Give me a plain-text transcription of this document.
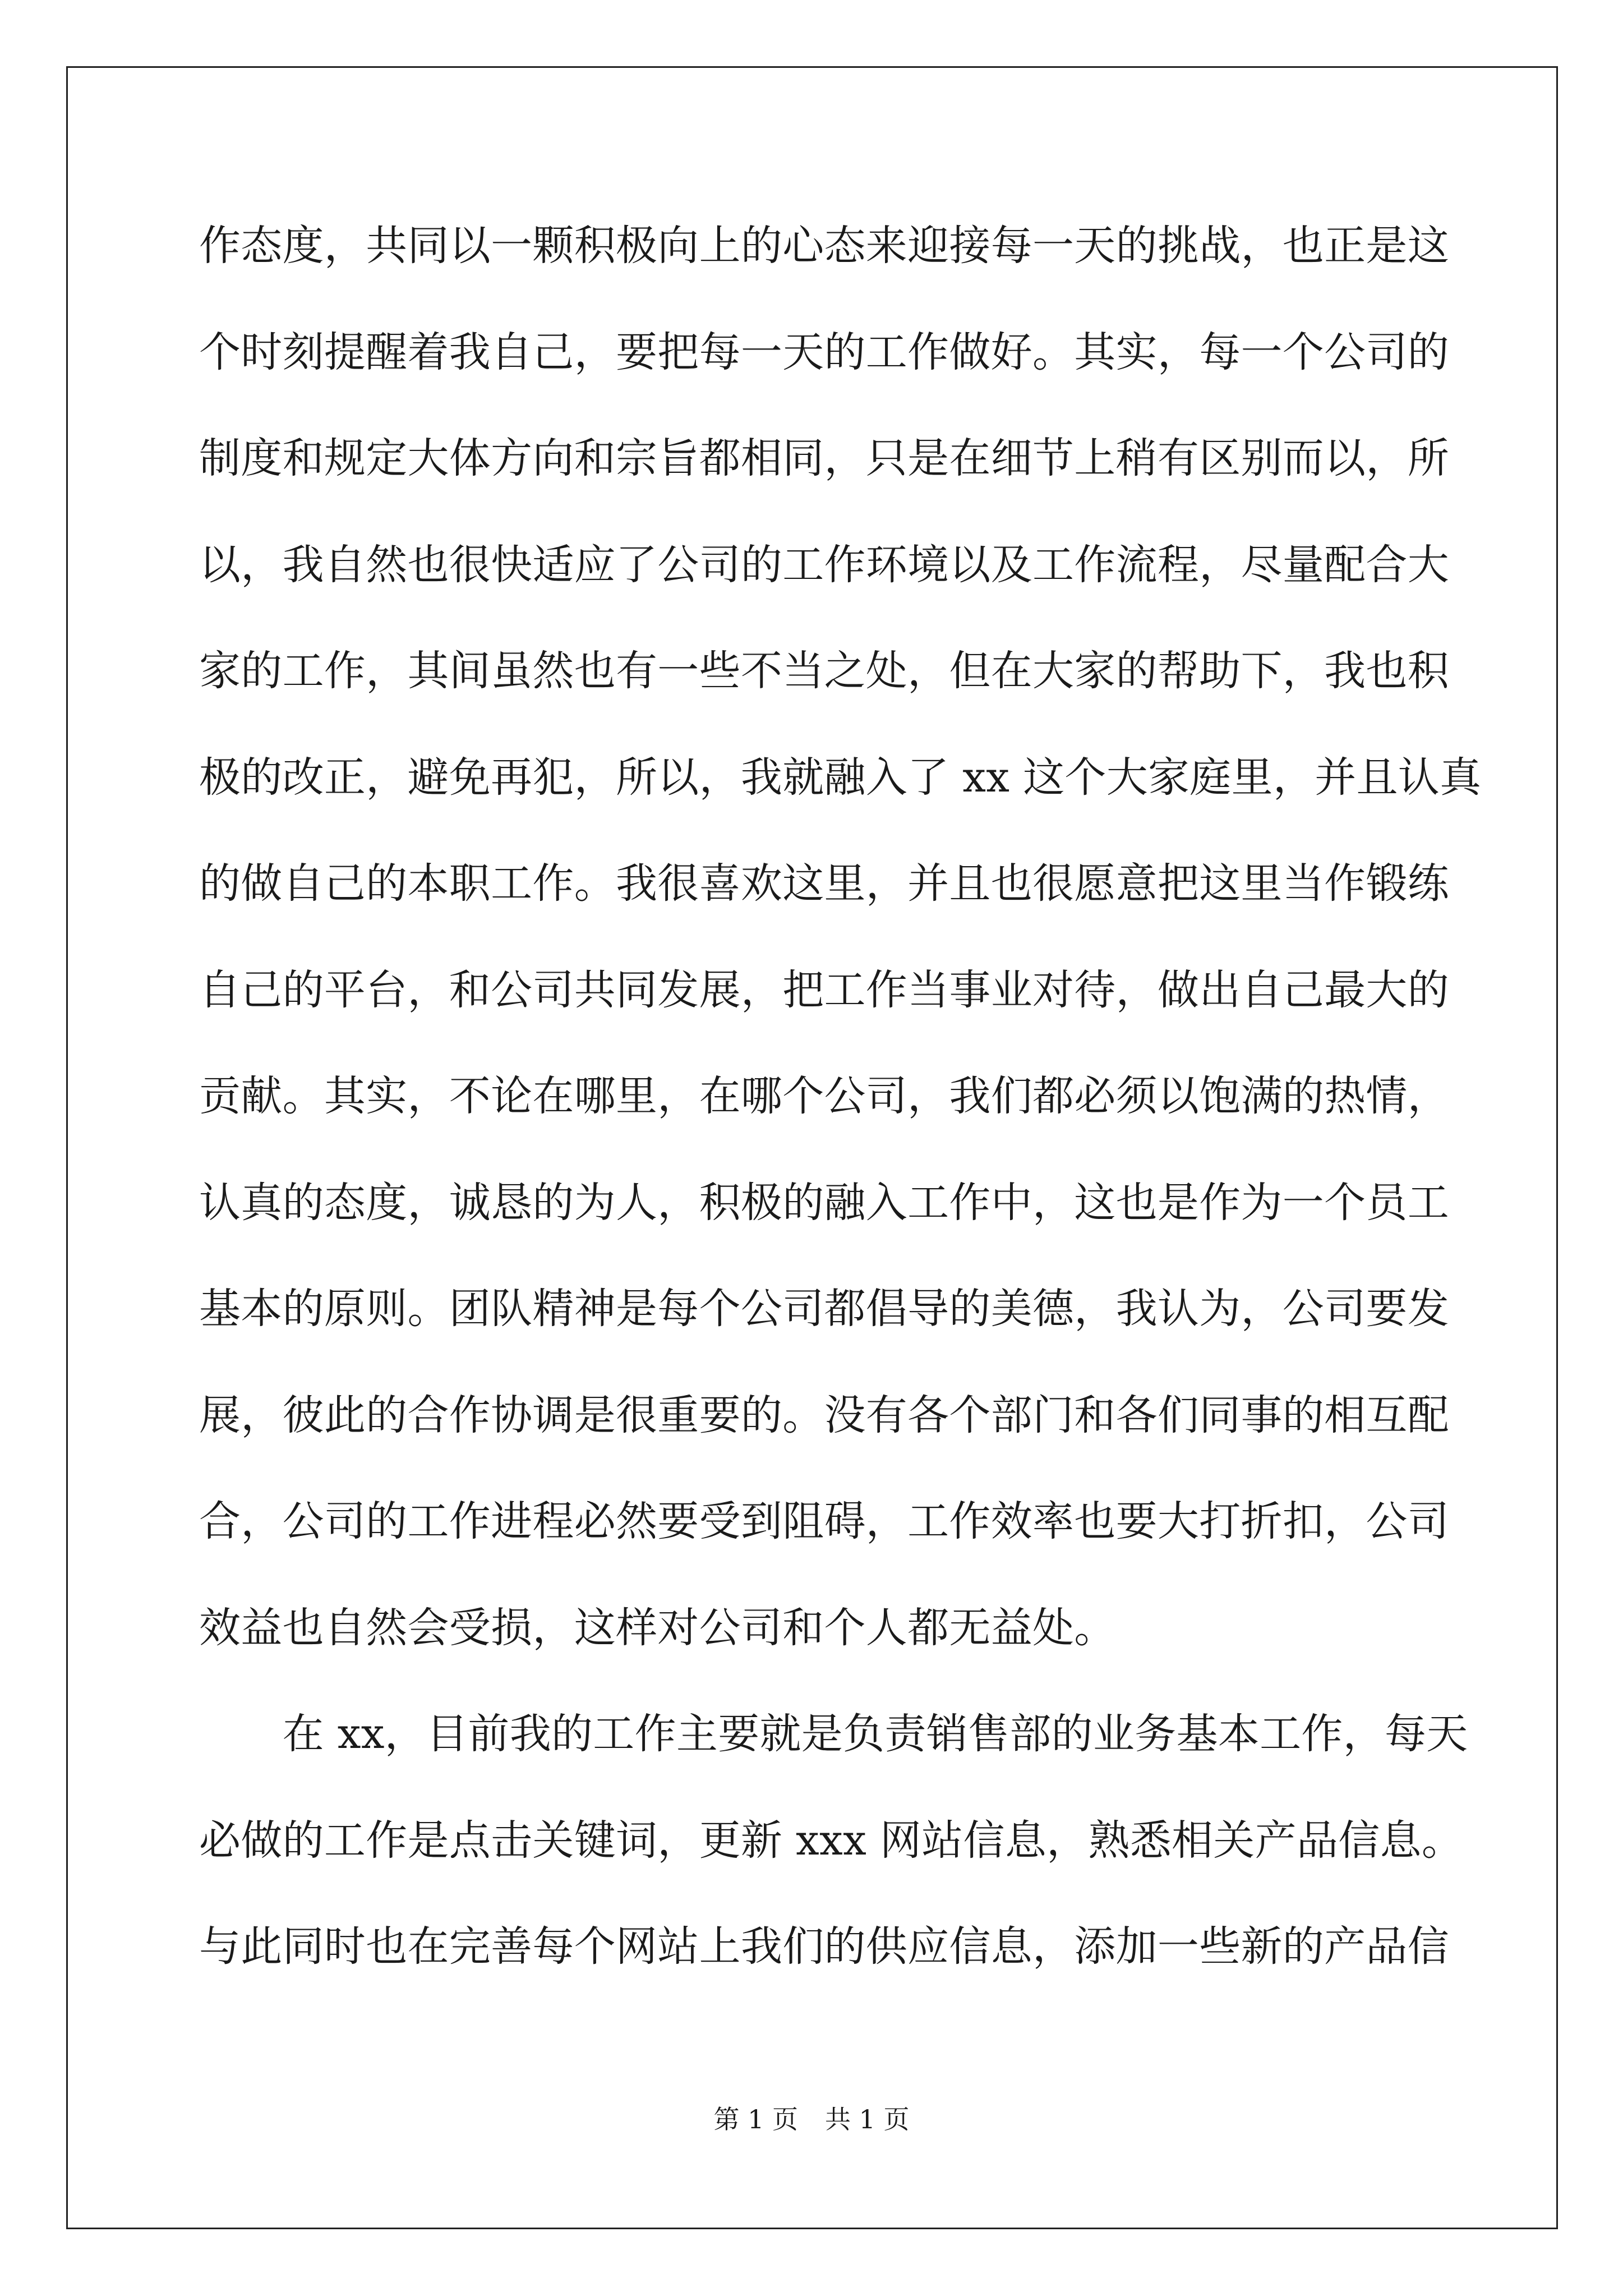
作态度，共同以一颗积极向上的心态来迎接每一天的挑战，也正是这
个时刻提醒着我自己，要把每一天的工作做好。其实，每一个公司的
制度和规定大体方向和宗旨都相同，只是在细节上稍有区别而以，所
以，我自然也很快适应了公司的工作环境以及工作流程，尽量配合大
家的工作，其间虽然也有一些不当之处，但在大家的帮助下，我也积
极的改正，避免再犯，所以，我就融入了 xx 这个大家庭里，并且认真
的做自己的本职工作。我很喜欢这里，并且也很愿意把这里当作锻练
自己的平台，和公司共同发展，把工作当事业对待，做出自己最大的
贡献。其实，不论在哪里，在哪个公司，我们都必须以饱满的热情，
认真的态度，诚恳的为人，积极的融入工作中，这也是作为一个员工
基本的原则。团队精神是每个公司都倡导的美德，我认为，公司要发
展，彼此的合作协调是很重要的。没有各个部门和各们同事的相互配
合，公司的工作进程必然要受到阻碍，工作效率也要大打折扣，公司
效益也自然会受损，这样对公司和个人都无益处。
　　在 xx，目前我的工作主要就是负责销售部的业务基本工作，每天
必做的工作是点击关键词，更新 xxx 网站信息，熟悉相关产品信息。
与此同时也在完善每个网站上我们的供应信息，添加一些新的产品信
第 1 页 共 1 页
